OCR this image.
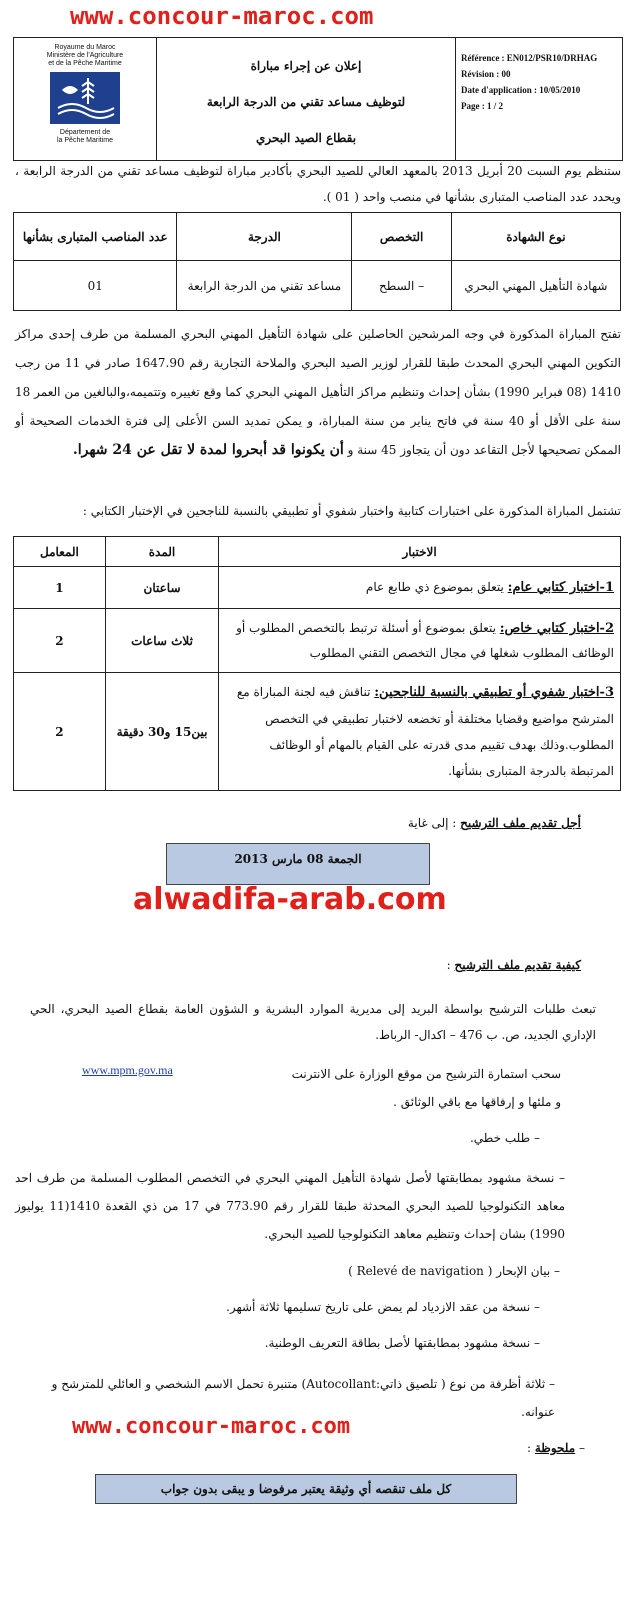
www.concour-maroc.com
Royaume du Maroc
Ministère de l'Agriculture
et de la Pêche Maritime
Département de
la Pêche Maritime
إعلان عن إجراء مباراة
لتوظيف مساعد تقني من الدرجة الرابعة
بقطاع الصيد البحري
Référence : EN012/PSR10/DRHAG
Révision : 00
Date d'application : 10/05/2010
Page : 1 / 2
ستنظم يوم السبت 20 أبريل 2013 بالمعهد العالي للصيد البحري بأكادير مباراة لتوظيف مساعد تقني من الدرجة الرابعة ، ويحدد عدد المناصب المتبارى بشأنها في منصب واحد ( 01 ).
عدد المناصب المتبارى بشأنها	الدرجة	التخصص	نوع الشهادة
01	مساعد تقني من الدرجة الرابعة	– السطح	شهادة التأهيل المهني البحري
تفتح المباراة المذكورة في وجه المرشحين الحاصلين على شهادة التأهيل المهني البحري المسلمة من طرف إحدى مراكز التكوين المهني البحري المحدث طبقا للقرار لوزير الصيد البحري والملاحة التجارية رقم 1647.90 صادر في 11 من رجب 1410 (08 فبراير 1990) بشأن إحداث وتنظيم مراكز التأهيل المهني البحري كما وقع تغييره وتتميمه،والبالغين من العمر 18 سنة على الأقل أو 40 سنة في فاتح يناير من سنة المباراة، و يمكن تمديد السن الأعلى إلى فترة الخدمات الصحيحة أو الممكن تصحيحها لأجل التقاعد دون أن يتجاوز 45 سنة و أن يكونوا قد أبحروا لمدة لا تقل عن 24 شهرا.
تشتمل المباراة المذكورة على اختبارات كتابية واختبار شفوي أو تطبيقي بالنسبة للناجحين في الإختبار الكتابي :
المعامل	المدة	الاختبار
1	ساعتان	1-اختبار كتابي عام: يتعلق بموضوع ذي طابع عام
2	ثلاث ساعات	2-اختبار كتابي خاص: يتعلق بموضوع أو أسئلة ترتبط بالتخصص المطلوب أو الوظائف المطلوب شغلها في مجال التخصص التقني المطلوب
2	بين15 و30 دقيقة	3-اختبار شفوي أو تطبيقي بالنسبة للناجحين: تناقش فيه لجنة المباراة مع المترشح مواضيع وقضايا مختلفة أو تخضعه لاختبار تطبيقي في التخصص المطلوب.وذلك بهدف تقييم مدى قدرته على القيام بالمهام أو الوظائف المرتبطة بالدرجة المتبارى بشأنها.
أجل تقديم ملف الترشيح : إلى غاية
الجمعة 08 مارس 2013
alwadifa-arab.com
كيفية تقديم ملف الترشيح :
تبعث طلبات الترشيح بواسطة البريد إلى مديرية الموارد البشرية و الشؤون العامة بقطاع الصيد البحري، الحي الإداري الجديد، ص. ب 476 – اكدال- الرباط.
www.mpm.gov.ma	سحب استمارة الترشيح من موقع الوزارة على الانترنت
و ملئها و إرفاقها مع باقي الوثائق .
– طلب خطي.
– نسخة مشهود بمطابقتها لأصل شهادة التأهيل المهني البحري في التخصص المطلوب المسلمة من طرف احد معاهد التكنولوجيا للصيد البحري المحدثة طبقا للقرار رقم 773.90 في 17 من ذي القعدة 1410(11 يوليوز 1990) بشان إحداث وتنظيم معاهد التكنولوجيا للصيد البحري.
– بيان الإبحار ( Relevé de navigation )
– نسخة من عقد الازدياد لم يمض على تاريخ تسليمها ثلاثة أشهر.
– نسخة مشهود بمطابقتها لأصل بطاقة التعريف الوطنية.
– ثلاثة أظرفة من نوع ( تلصيق ذاتي:Autocollant) متنبرة تحمل الاسم الشخصي و العائلي للمترشح و عنوانه.
www.concour-maroc.com
– ملحوظة :
كل ملف تنقصه أي وثيقة يعتبر مرفوضا و يبقى بدون جواب
